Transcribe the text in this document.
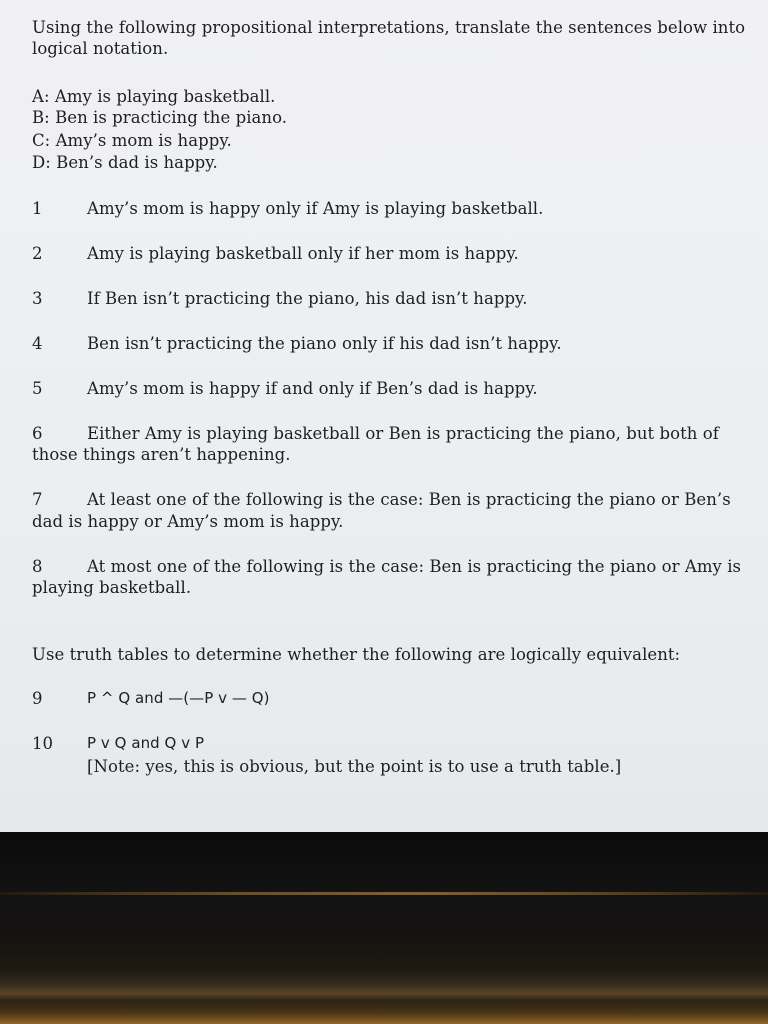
Using the following propositional interpretations, translate the sentences below into
logical notation.
A: Amy is playing basketball.
B: Ben is practicing the piano.
C: Amy’s mom is happy.
D: Ben’s dad is happy.
1	Amy’s mom is happy only if Amy is playing basketball.
2	Amy is playing basketball only if her mom is happy.
3	If Ben isn’t practicing the piano, his dad isn’t happy.
4	Ben isn’t practicing the piano only if his dad isn’t happy.
5	Amy’s mom is happy if and only if Ben’s dad is happy.
6	Either Amy is playing basketball or Ben is practicing the piano, but both of
those things aren’t happening.
7	At least one of the following is the case: Ben is practicing the piano or Ben’s
dad is happy or Amy’s mom is happy.
8	At most one of the following is the case: Ben is practicing the piano or Amy is
playing basketball.
Use truth tables to determine whether the following are logically equivalent:
9	P ^ Q and —(—P v — Q)
10 P v Q and Q v P
[Note: yes, this is obvious, but the point is to use a truth table.]
